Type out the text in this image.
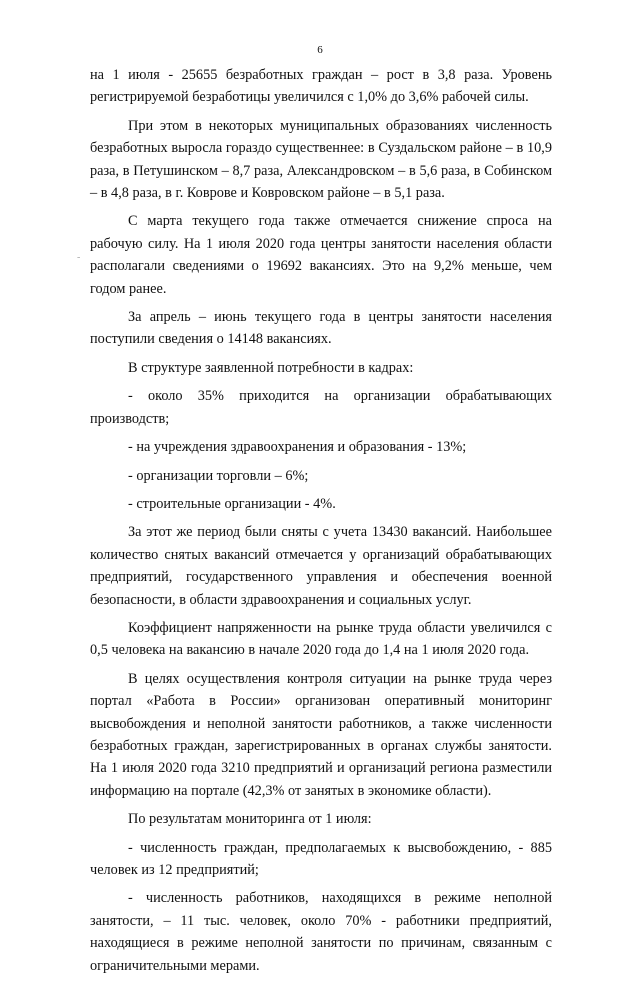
6

на 1 июля - 25655 безработных граждан – рост в 3,8 раза. Уровень регистрируемой безработицы увеличился с 1,0% до 3,6% рабочей силы.

При этом в некоторых муниципальных образованиях численность безработных выросла гораздо существеннее: в Суздальском районе – в 10,9 раза, в Петушинском – 8,7 раза, Александровском – в 5,6 раза, в Собинском – в 4,8 раза, в г. Коврове и Ковровском районе – в 5,1 раза.

С марта текущего года также отмечается снижение спроса на рабочую силу. На 1 июля 2020 года центры занятости населения области располагали сведениями о 19692 вакансиях. Это на 9,2% меньше, чем годом ранее.

За апрель – июнь текущего года в центры занятости населения поступили сведения о 14148 вакансиях.

В структуре заявленной потребности в кадрах:

- около 35% приходится на организации обрабатывающих производств;

- на учреждения здравоохранения и образования - 13%;

- организации торговли – 6%;

- строительные организации - 4%.

За этот же период были сняты с учета 13430 вакансий. Наибольшее количество снятых вакансий отмечается у организаций обрабатывающих предприятий, государственного управления и обеспечения военной безопасности, в области здравоохранения и социальных услуг.

Коэффициент напряженности на рынке труда области увеличился с 0,5 человека на вакансию в начале 2020 года до 1,4 на 1 июля 2020 года.

В целях осуществления контроля ситуации на рынке труда через портал «Работа в России» организован оперативный мониторинг высвобождения и неполной занятости работников, а также численности безработных граждан, зарегистрированных в органах службы занятости. На 1 июля 2020 года 3210 предприятий и организаций региона разместили информацию на портале (42,3% от занятых в экономике области).

По результатам мониторинга от 1 июля:

- численность граждан, предполагаемых к высвобождению, - 885 человек из 12 предприятий;

- численность работников, находящихся в режиме неполной занятости, – 11 тыс. человек, около 70% - работники предприятий, находящиеся в режиме неполной занятости по причинам, связанным с ограничительными мерами.

-
